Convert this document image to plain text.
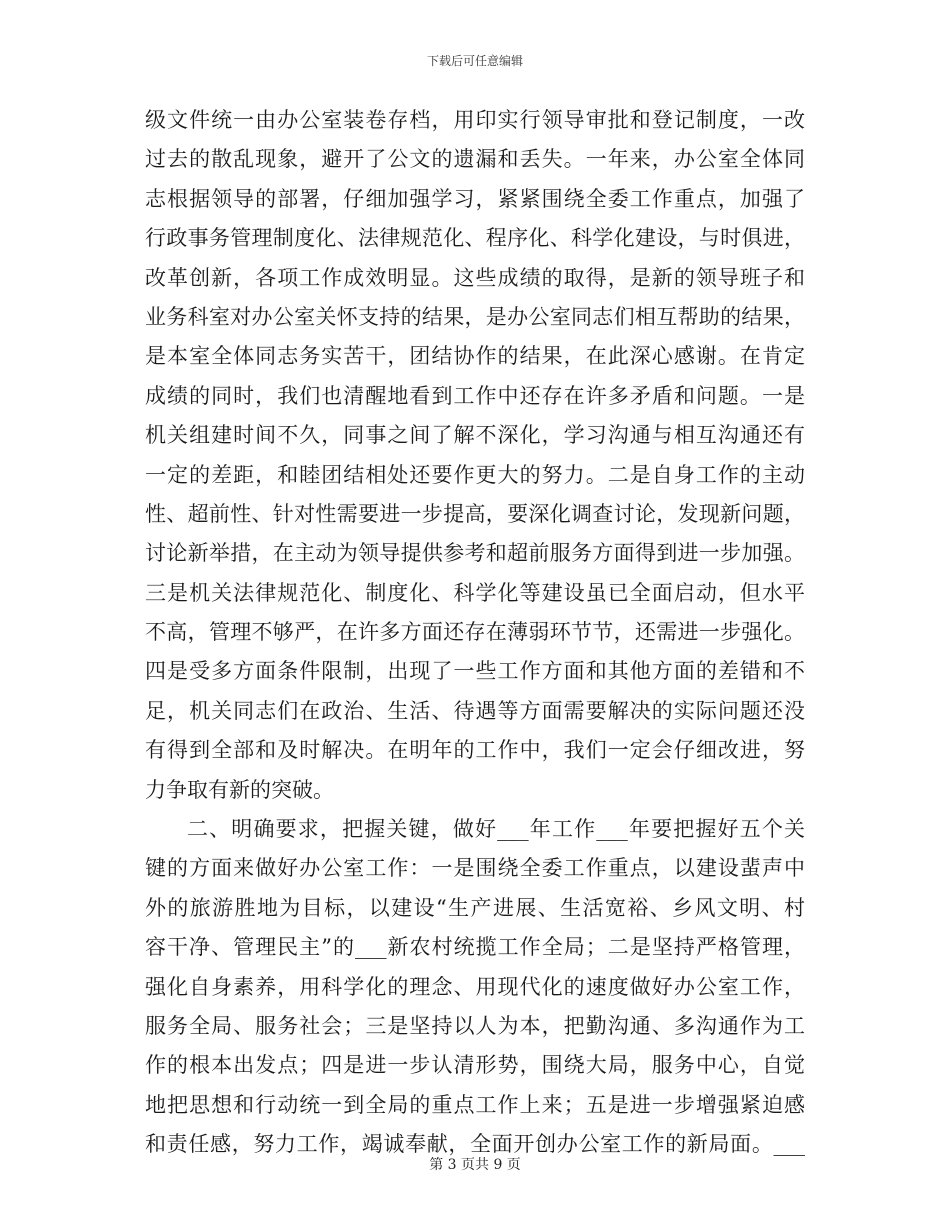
下载后可任意编辑
级文件统一由办公室装卷存档，用印实行领导审批和登记制度，一改
过去的散乱现象，避开了公文的遗漏和丢失。一年来，办公室全体同
志根据领导的部署，仔细加强学习，紧紧围绕全委工作重点，加强了
行政事务管理制度化、法律规范化、程序化、科学化建设，与时俱进，
改革创新，各项工作成效明显。这些成绩的取得，是新的领导班子和
业务科室对办公室关怀支持的结果，是办公室同志们相互帮助的结果，
是本室全体同志务实苦干，团结协作的结果，在此深心感谢。在肯定
成绩的同时，我们也清醒地看到工作中还存在许多矛盾和问题。一是
机关组建时间不久，同事之间了解不深化，学习沟通与相互沟通还有
一定的差距，和睦团结相处还要作更大的努力。二是自身工作的主动
性、超前性、针对性需要进一步提高，要深化调查讨论，发现新问题，
讨论新举措，在主动为领导提供参考和超前服务方面得到进一步加强。
三是机关法律规范化、制度化、科学化等建设虽已全面启动，但水平
不高，管理不够严，在许多方面还存在薄弱环节节，还需进一步强化。
四是受多方面条件限制，出现了一些工作方面和其他方面的差错和不
足，机关同志们在政治、生活、待遇等方面需要解决的实际问题还没
有得到全部和及时解决。在明年的工作中，我们一定会仔细改进，努
力争取有新的突破。
二、明确要求，把握关键，做好___年工作___年要把握好五个关
键的方面来做好办公室工作：一是围绕全委工作重点，以建设蜚声中
外的旅游胜地为目标，以建设“生产进展、生活宽裕、乡风文明、村
容干净、管理民主”的___新农村统揽工作全局；二是坚持严格管理，
强化自身素养，用科学化的理念、用现代化的速度做好办公室工作，
服务全局、服务社会；三是坚持以人为本，把勤沟通、多沟通作为工
作的根本出发点；四是进一步认清形势，围绕大局，服务中心，自觉
地把思想和行动统一到全局的重点工作上来；五是进一步增强紧迫感
和责任感，努力工作，竭诚奉献，全面开创办公室工作的新局面。___
第 3 页共 9 页
